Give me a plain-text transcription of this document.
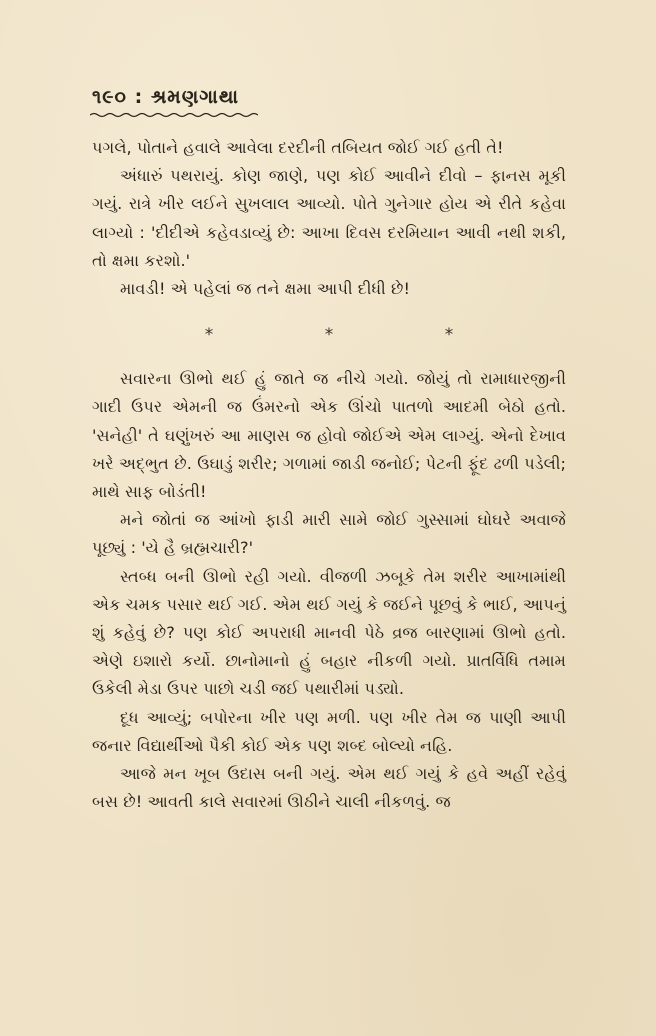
૧૯૦ : શ્રમણગાથા

પગલે, પોતાને હવાલે આવેલા દરદીની તબિયત જોઈ ગઈ હતી તે!

અંધારું પથરાયું. કોણ જાણે, પણ કોઈ આવીને દીવો – ફાનસ મૂકી ગયું. રાત્રે ખીર લઈને સુખલાલ આવ્યો. પોતે ગુનેગાર હોય એ રીતે કહેવા લાગ્યો : 'દીદીએ કહેવડાવ્યું છે: આખા દિવસ દરમિયાન આવી નથી શકી, તો ક્ષમા કરશો.'

માવડી! એ પહેલાં જ તને ક્ષમા આપી દીધી છે!

*	*	*

સવારના ઊભો થઈ હું જાતે જ નીચે ગયો. જોયું તો રામાધારજીની ગાદી ઉપર એમની જ ઉંમરનો એક ઊંચો પાતળો આદમી બેઠો હતો. 'સનેહી' તે ઘણુંખરું આ માણસ જ હોવો જોઈએ એમ લાગ્યું. એનો દેખાવ ખરે અદ્ભુત છે. ઉઘાડું શરીર; ગળામાં જાડી જનોઈ; પેટની ફૂંદ ઢળી પડેલી; માથે સાફ બોડંતી!

મને જોતાં જ આંખો ફાડી મારી સામે જોઈ ગુસ્સામાં ઘોઘરે અવાજે પૂછ્યું : 'યે હૈ બ્રહ્મચારી?'

સ્તબ્ધ બની ઊભો રહી ગયો. વીજળી ઝબૂકે તેમ શરીર આખામાંથી એક ચમક પસાર થઈ ગઈ. એમ થઈ ગયું કે જઈને પૂછવું કે ભાઈ, આપનું શું કહેવું છે? પણ કોઈ અપરાધી માનવી પેઠે વ્રજ બારણામાં ઊભો હતો. એણે ઇશારો કર્યો. છાનોમાનો હું બહાર નીકળી ગયો. પ્રાતર્વિધિ તમામ ઉકેલી મેડા ઉપર પાછો ચડી જઈ પથારીમાં પડ્યો.

દૂધ આવ્યું; બપોરના ખીર પણ મળી. પણ ખીર તેમ જ પાણી આપી જનાર વિદ્યાર્થીઓ પૈકી કોઈ એક પણ શબ્દ બોલ્યો નહિ.

આજે મન ખૂબ ઉદાસ બની ગયું. એમ થઈ ગયું કે હવે અહીં રહેવું બસ છે! આવતી કાલે સવારમાં ઊઠીને ચાલી નીકળવું. જ
